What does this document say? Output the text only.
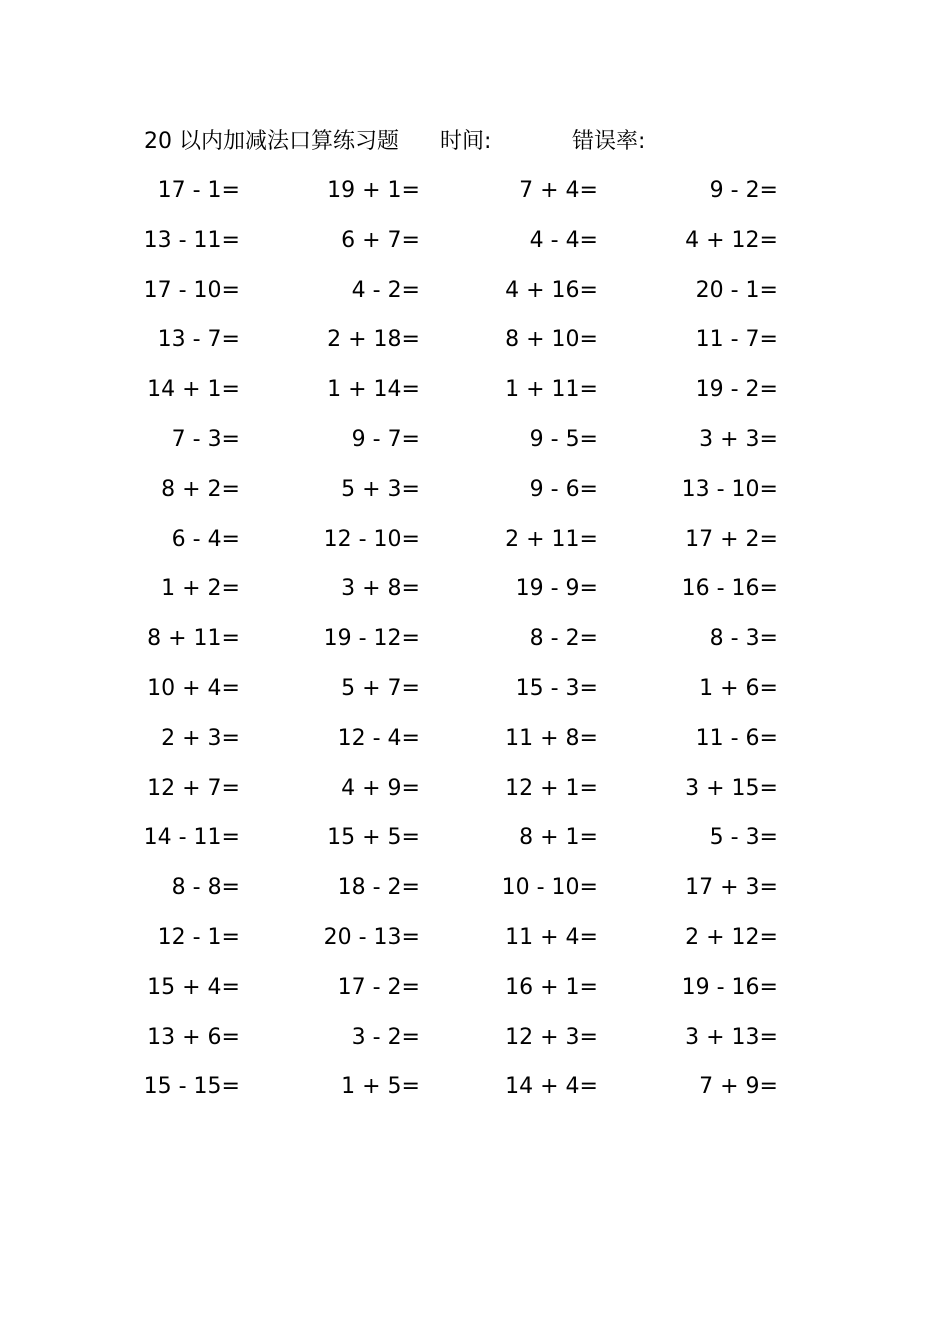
20 以内加减法口算练习题 时间:	错误率:
17 - 1=	19 + 1=	7 + 4=	9 - 2=
13 - 11=	6 + 7=	4 - 4=	4 + 12=
17 - 10=	4 - 2=	4 + 16=	20 - 1=
13 - 7=	2 + 18=	8 + 10=	11 - 7=
14 + 1=	1 + 14=	1 + 11=	19 - 2=
7 - 3=	9 - 7=	9 - 5=	3 + 3=
8 + 2=	5 + 3=	9 - 6=	13 - 10=
6 - 4=	12 - 10=	2 + 11=	17 + 2=
1 + 2=	3 + 8=	19 - 9=	16 - 16=
8 + 11=	19 - 12=	8 - 2=	8 - 3=
10 + 4=	5 + 7=	15 - 3=	1 + 6=
2 + 3=	12 - 4=	11 + 8=	11 - 6=
12 + 7=	4 + 9=	12 + 1=	3 + 15=
14 - 11=	15 + 5=	8 + 1=	5 - 3=
8 - 8=	18 - 2=	10 - 10=	17 + 3=
12 - 1=	20 - 13=	11 + 4=	2 + 12=
15 + 4=	17 - 2=	16 + 1=	19 - 16=
13 + 6=	3 - 2=	12 + 3=	3 + 13=
15 - 15=	1 + 5=	14 + 4=	7 + 9=
